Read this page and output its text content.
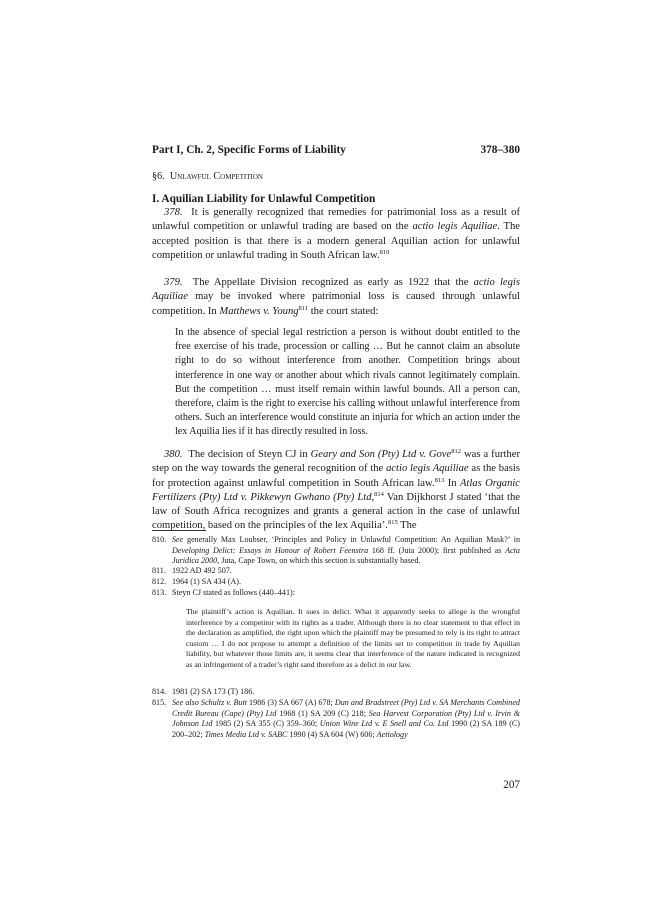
Part I, Ch. 2, Specific Forms of Liability	378–380
§6. Unlawful Competition
I. Aquilian Liability for Unlawful Competition

378. It is generally recognized that remedies for patrimonial loss as a result of unlawful competition or unlawful trading are based on the actio legis Aquiliae. The accepted position is that there is a modern general Aquilian action for unlawful competition or unlawful trading in South African law.$^{810}$

379. The Appellate Division recognized as early as 1922 that the actio legis Aquiliae may be invoked where patrimonial loss is caused through unlawful competition. In Matthews v. Young$^{811}$ the court stated:

In the absence of special legal restriction a person is without doubt entitled to the free exercise of his trade, procession or calling … But he cannot claim an absolute right to do so without interference from another. Competition brings about interference in one way or another about which rivals cannot legitimately complain. But the competition … must itself remain within lawful bounds. All a person can, therefore, claim is the right to exercise his calling without unlawful interference from others. Such an interference would constitute an injuria for which an action under the lex Aquilia lies if it has directly resulted in loss.

380. The decision of Steyn CJ in Geary and Son (Pty) Ltd v. Gove$^{812}$ was a further step on the way towards the general recognition of the actio legis Aquiliae as the basis for protection against unlawful competition in South African law.$^{813}$ In Atlas Organic Fertilizers (Pty) Ltd v. Pikkewyn Gwhano (Pty) Ltd,$^{814}$ Van Dijkhorst J stated ‘that the law of South Africa recognizes and grants a general action in the case of unlawful competition, based on the principles of the lex Aquilia’.$^{815}$ The

810. See generally Max Loubser, ‘Principles and Policy in Unlawful Competition: An Aquilian Mask?’ in Developing Delict: Essays in Honour of Robert Feenstra 168 ff. (Juta 2000); first published as Acta Juridica 2000, Juta, Cape Town, on which this section is substantially based.
811. 1922 AD 492 507.
812. 1964 (1) SA 434 (A).
813. Steyn CJ stated as follows (440–441):

The plaintiff’s action is Aquilian. It sues in delict. What it apparently seeks to allege is the wrongful interference by a competitor with its rights as a trader. Although there is no clear statement to that effect in the declaration as amplified, the right upon which the plaintiff may be presumed to rely is its right to attract custom … I do not propose to attempt a definition of the limits set to competition in trade by Aquilian liability, but whatever those limits are, it seems clear that interference of the nature indicated is recognized as an infringement of a trader’s right sand therefore as a delict in our law.

814. 1981 (2) SA 173 (T) 186.
815. See also Schultz v. Butt 1986 (3) SA 667 (A) 678; Dun and Bradstreet (Pty) Ltd v. SA Merchants Combined Credit Bureau (Cape) (Pty) Ltd 1968 (1) SA 209 (C) 218; Sea Harvest Corporation (Pty) Ltd v. Irvin & Johnson Ltd 1985 (2) SA 355 (C) 359–360; Union Wine Ltd v. E Snell and Co. Ltd 1990 (2) SA 189 (C) 200–202; Times Media Ltd v. SABC 1990 (4) SA 604 (W) 606; Aetiology
207
